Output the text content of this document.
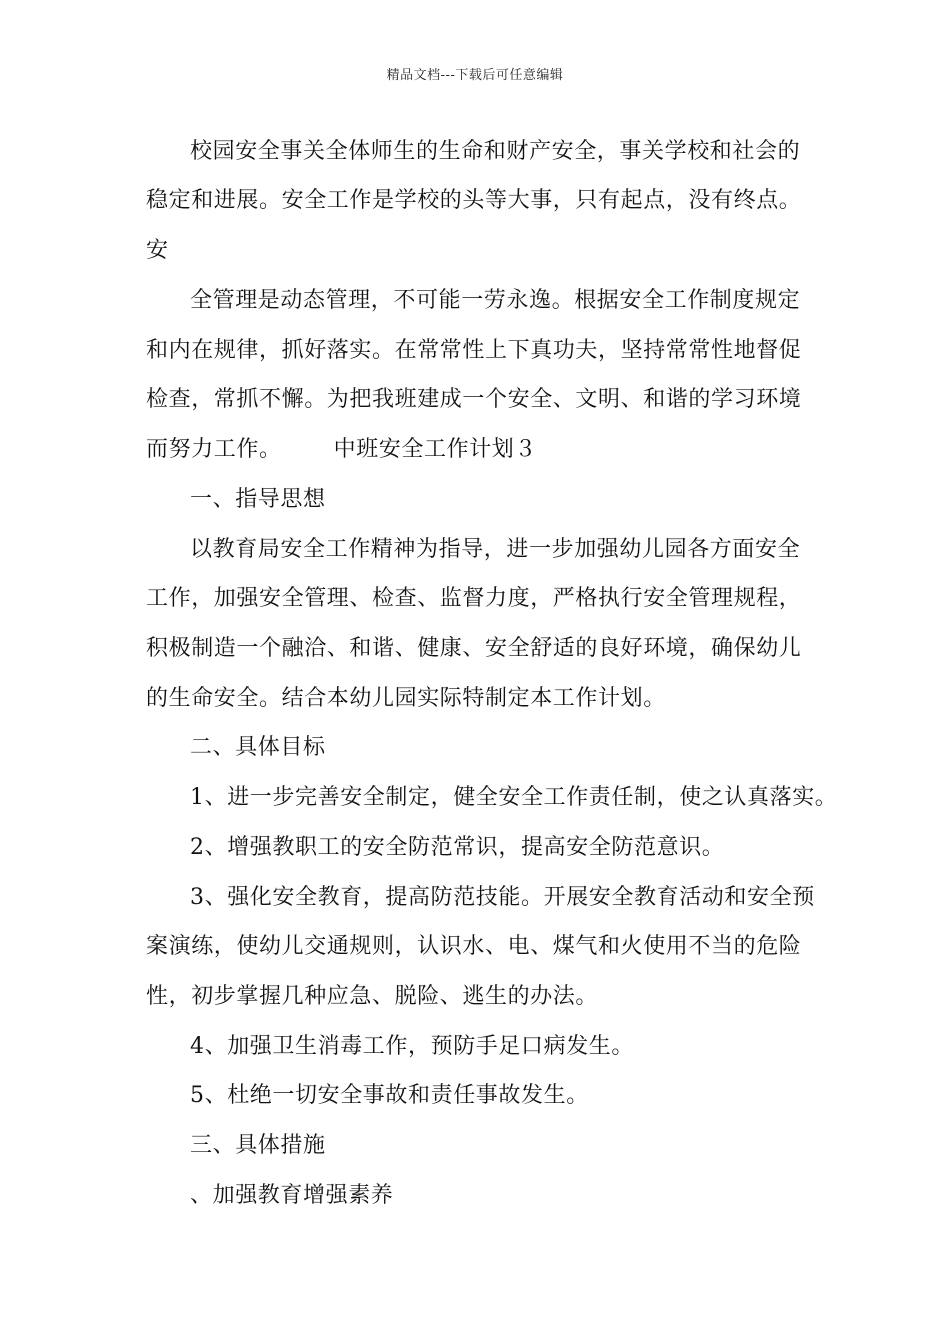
精品文档---下载后可任意编辑
校园安全事关全体师生的生命和财产安全，事关学校和社会的
稳定和进展。安全工作是学校的头等大事，只有起点，没有终点。
安
全管理是动态管理，不可能一劳永逸。根据安全工作制度规定
和内在规律，抓好落实。在常常性上下真功夫，坚持常常性地督促
检查，常抓不懈。为把我班建成一个安全、文明、和谐的学习环境
而努力工作。 中班安全工作计划３
一、指导思想
以教育局安全工作精神为指导，进一步加强幼儿园各方面安全
工作，加强安全管理、检查、监督力度，严格执行安全管理规程，
积极制造一个融洽、和谐、健康、安全舒适的良好环境，确保幼儿
的生命安全。结合本幼儿园实际特制定本工作计划。
二、具体目标
1、进一步完善安全制定，健全安全工作责任制，使之认真落实。
2、增强教职工的安全防范常识，提高安全防范意识。
3、强化安全教育，提高防范技能。开展安全教育活动和安全预
案演练，使幼儿交通规则，认识水、电、煤气和火使用不当的危险
性，初步掌握几种应急、脱险、逃生的办法。
4、加强卫生消毒工作，预防手足口病发生。
5、杜绝一切安全事故和责任事故发生。
三、具体措施
、加强教育增强素养
